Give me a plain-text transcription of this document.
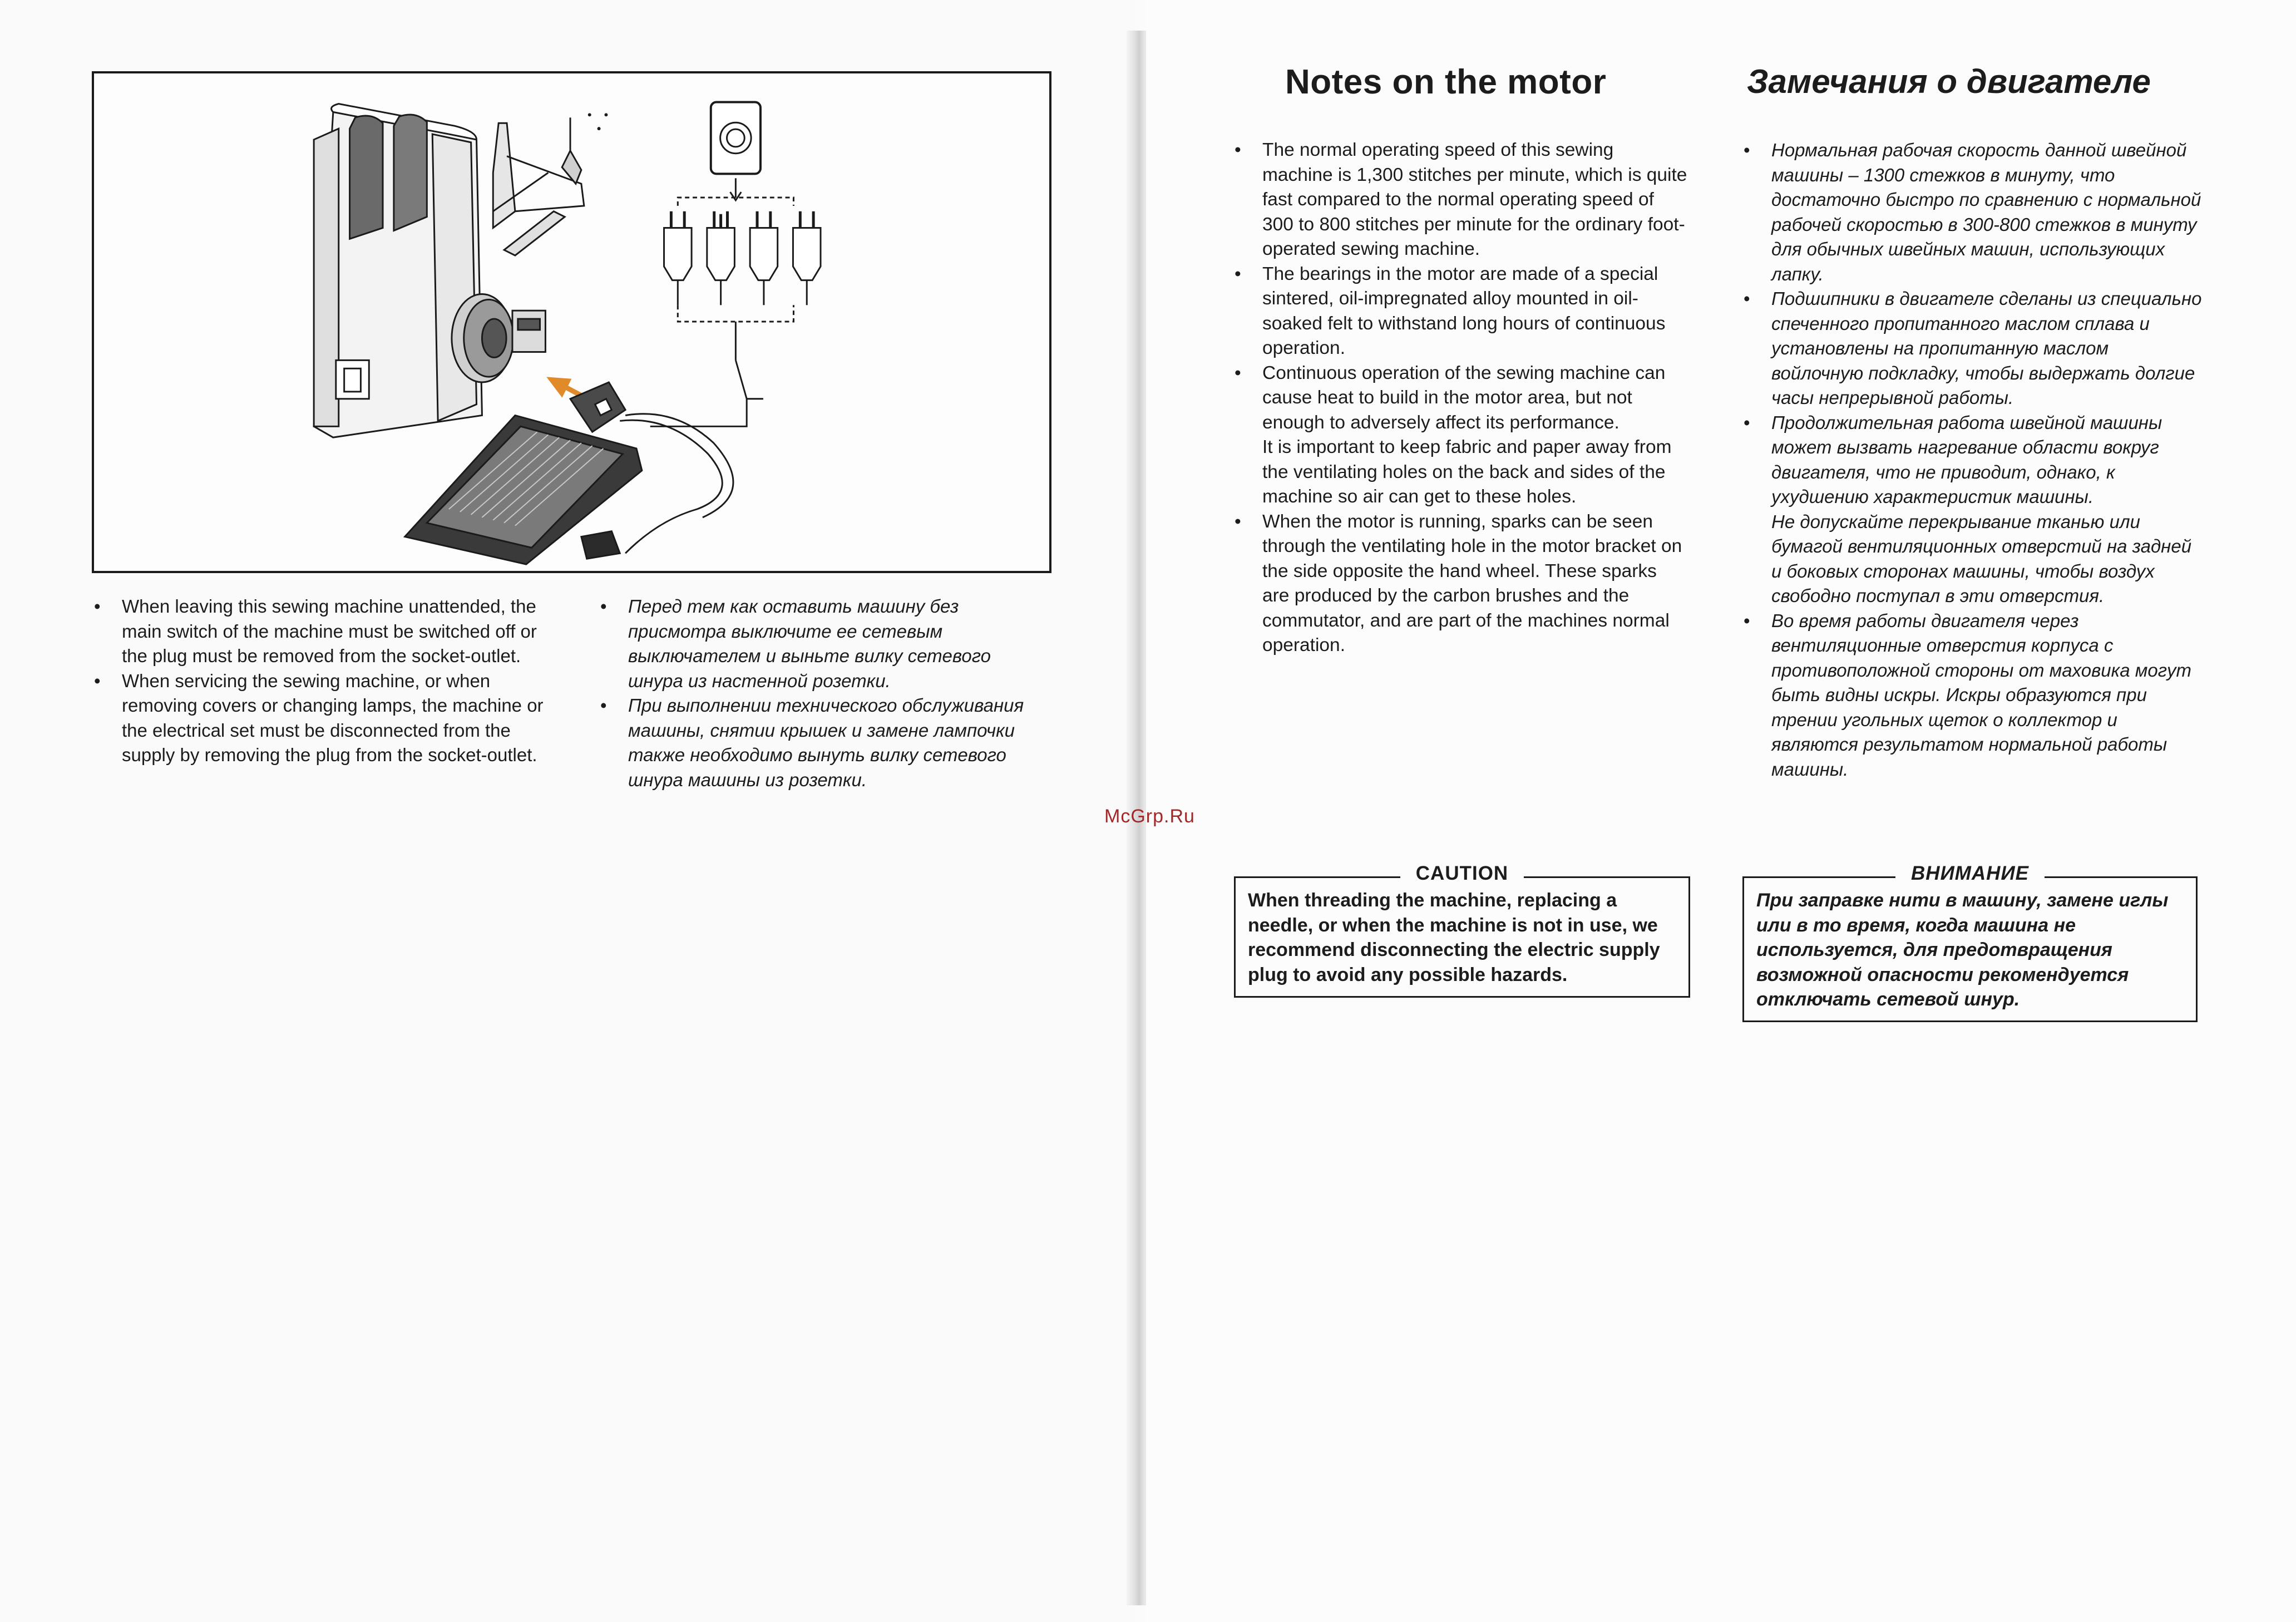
• When leaving this sewing machine unattended, the main switch of the machine must be switched off or the plug must be removed from the socket-outlet.
• When servicing the sewing machine, or when removing covers or changing lamps, the machine or the electrical set must be disconnected from the supply by removing the plug from the socket-outlet.
• Перед тем как оставить машину без присмотра выключите ее сетевым выключателем и выньте вилку сетевого шнура из настенной розетки.
• При выполнении технического обслуживания машины, снятии крышек и замене лампочки также необходимо вынуть вилку сетевого шнура машины из розетки.
Notes on the motor	Замечания о двигателе
• The normal operating speed of this sewing machine is 1,300 stitches per minute, which is quite fast compared to the normal operating speed of 300 to 800 stitches per minute for the ordinary foot-operated sewing machine.
• The bearings in the motor are made of a special sintered, oil-impregnated alloy mounted in oil-soaked felt to withstand long hours of continuous operation.
• Continuous operation of the sewing machine can cause heat to build in the motor area, but not enough to adversely affect its performance.
It is important to keep fabric and paper away from the ventilating holes on the back and sides of the machine so air can get to these holes.
• When the motor is running, sparks can be seen through the ventilating hole in the motor bracket on the side opposite the hand wheel. These sparks are produced by the carbon brushes and the commutator, and are part of the machines normal operation.
• Нормальная рабочая скорость данной швейной машины – 1300 стежков в минуту, что достаточно быстро по сравнению с нормальной рабочей скоростью в 300-800 стежков в минуту для обычных швейных машин, использующих лапку.
• Подшипники в двигателе сделаны из специально спеченного пропитанного маслом сплава и установлены на пропитанную маслом войлочную подкладку, чтобы выдержать долгие часы непрерывной работы.
• Продолжительная работа швейной машины может вызвать нагревание области вокруг двигателя, что не приводит, однако, к ухудшению характеристик машины.
Не допускайте перекрывание тканью или бумагой вентиляционных отверстий на задней и боковых сторонах машины, чтобы воздух свободно поступал в эти отверстия.
• Во время работы двигателя через вентиляционные отверстия корпуса с противоположной стороны от маховика могут быть видны искры. Искры образуются при трении угольных щеток о коллектор и являются результатом нормальной работы машины.
McGrp.Ru
CAUTION
When threading the machine, replacing a needle, or when the machine is not in use, we recommend disconnecting the electric supply plug to avoid any possible hazards.
ВНИМАНИЕ
При заправке нити в машину, замене иглы или в то время, когда машина не используется, для предотвращения возможной опасности рекомендуется отключать сетевой шнур.
